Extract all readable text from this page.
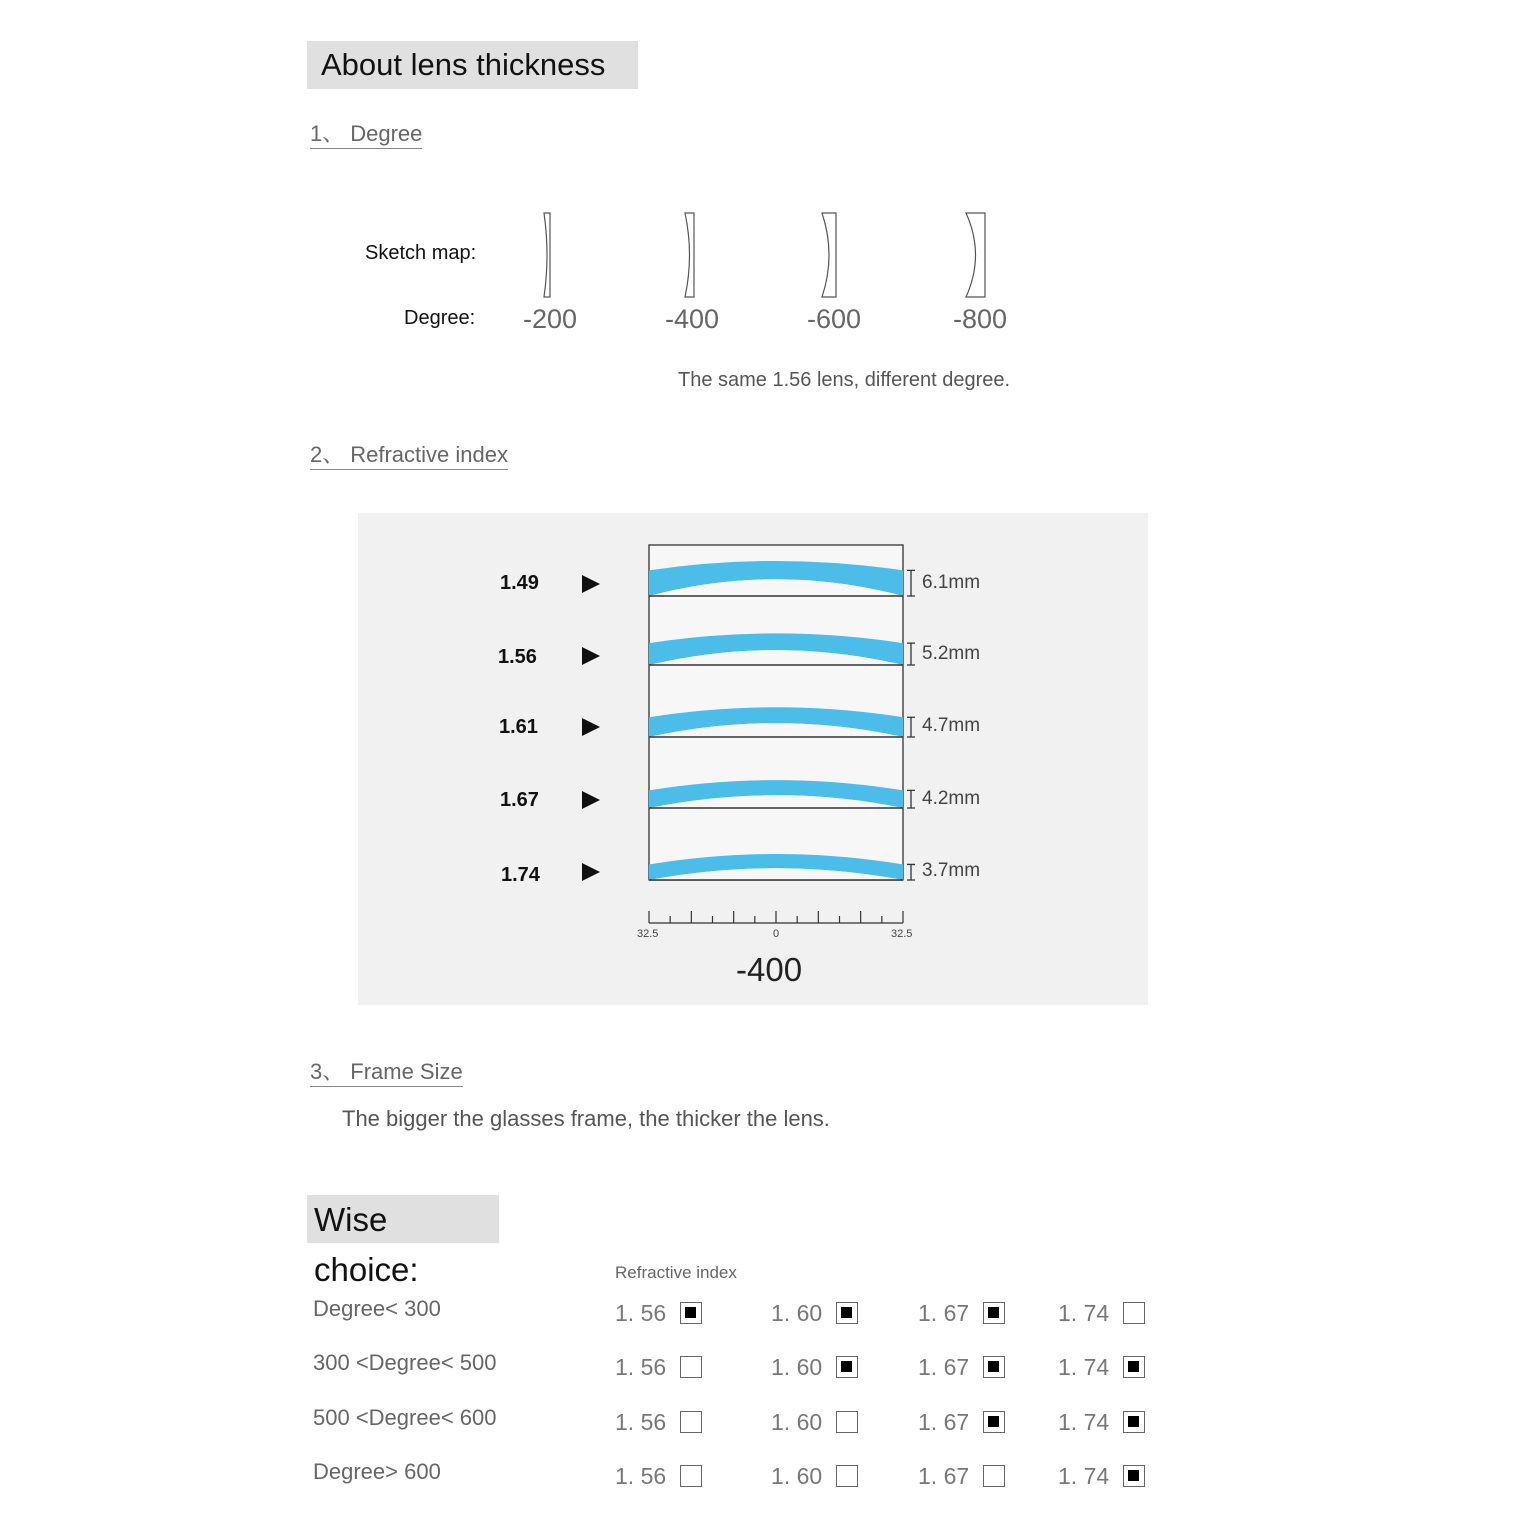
About lens thickness
1、 Degree
Sketch map:
Degree:	-200	-400	-600	-800
The same 1.56 lens, different degree.
2、 Refractive index
1.49
1.56
1.61
1.67
1.74
6.1mm
5.2mm
4.7mm
4.2mm
3.7mm
32.5	0	32.5
-400
3、 Frame Size
The bigger the glasses frame, the thicker the lens.
Wise choice:	Refractive index
Degree< 300	1. 56	1. 60	1. 67	1. 74
300 <Degree< 500	1. 56	1. 60	1. 67	1. 74
500 <Degree< 600	1. 56	1. 60	1. 67	1. 74
Degree> 600	1. 56	1. 60	1. 67	1. 74
